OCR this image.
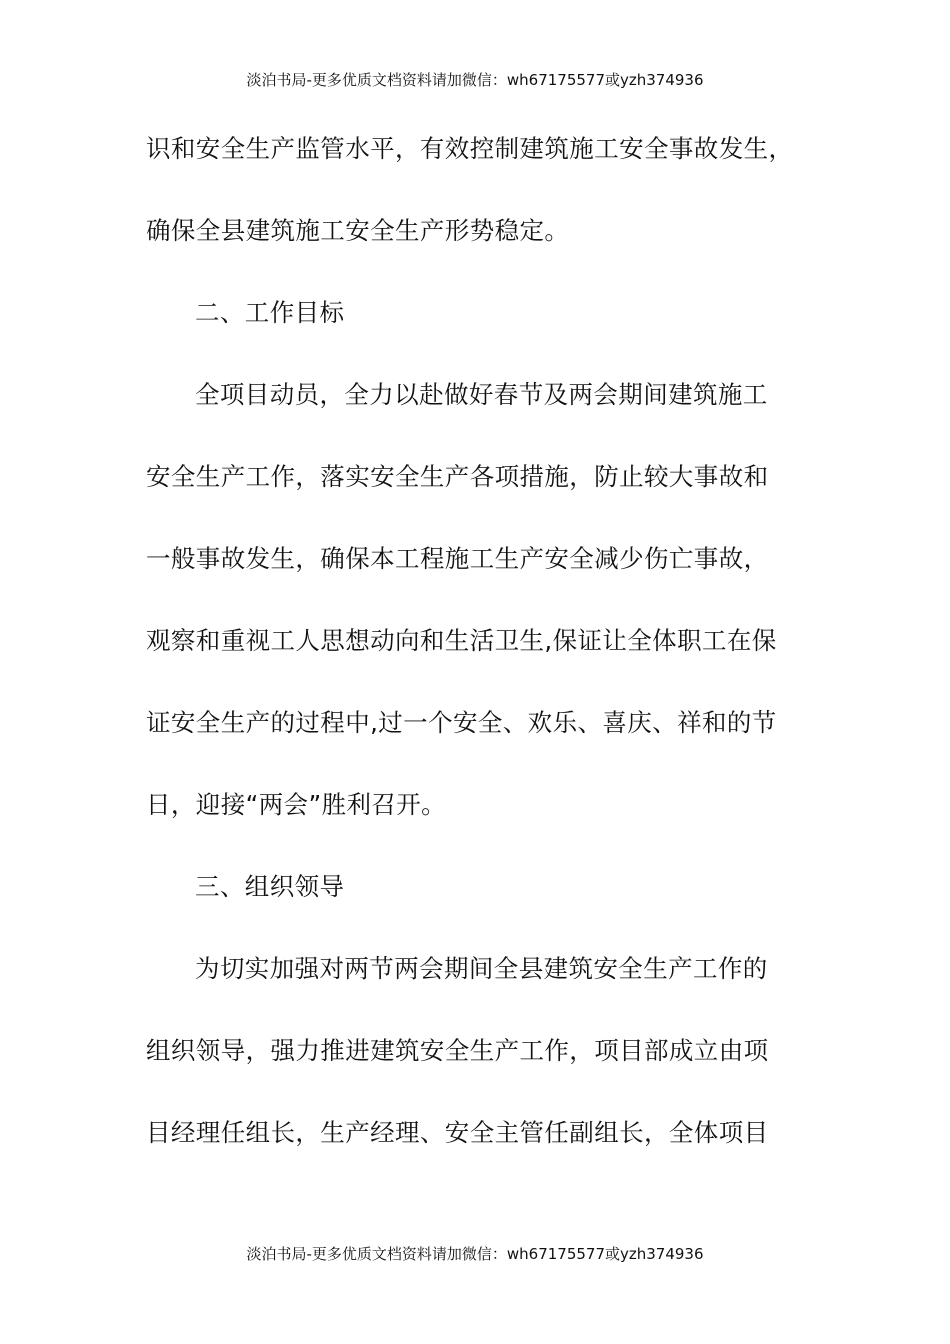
淡泊书局-更多优质文档资料请加微信：wh67175577或yzh374936
识和安全生产监管水平，有效控制建筑施工安全事故发生，
确保全县建筑施工安全生产形势稳定。
二、工作目标
全项目动员，全力以赴做好春节及两会期间建筑施工
安全生产工作，落实安全生产各项措施，防止较大事故和
一般事故发生，确保本工程施工生产安全减少伤亡事故，
观察和重视工人思想动向和生活卫生,保证让全体职工在保
证安全生产的过程中,过一个安全、欢乐、喜庆、祥和的节
日，迎接“两会”胜利召开。
三、组织领导
为切实加强对两节两会期间全县建筑安全生产工作的
组织领导，强力推进建筑安全生产工作，项目部成立由项
目经理任组长，生产经理、安全主管任副组长，全体项目
淡泊书局-更多优质文档资料请加微信：wh67175577或yzh374936
